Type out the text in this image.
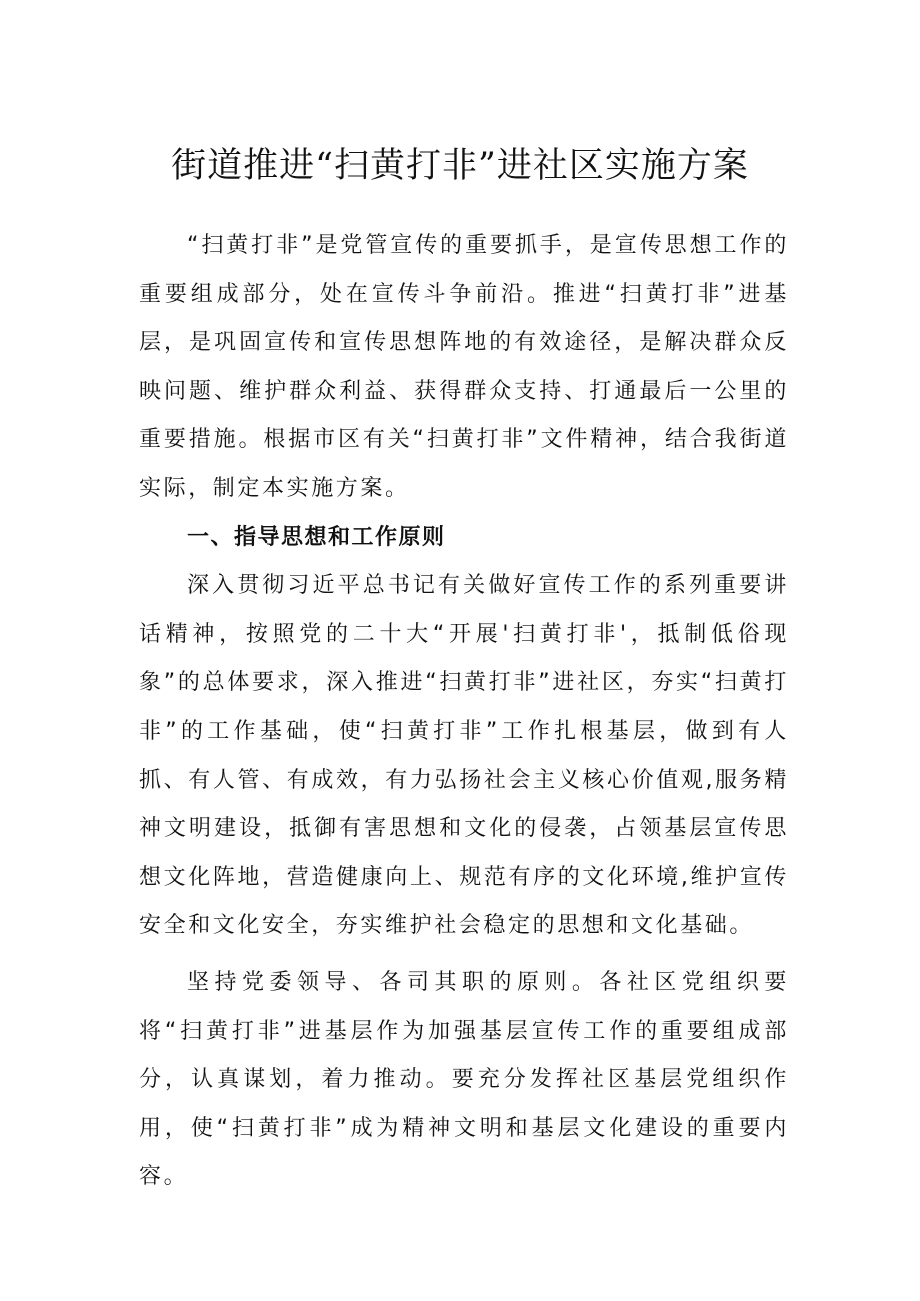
街道推进“扫黄打非”进社区实施方案

“扫黄打非”是党管宣传的重要抓手，是宣传思想工作的重要组成部分，处在宣传斗争前沿。推进“扫黄打非”进基层，是巩固宣传和宣传思想阵地的有效途径，是解决群众反映问题、维护群众利益、获得群众支持、打通最后一公里的重要措施。根据市区有关“扫黄打非”文件精神，结合我街道实际，制定本实施方案。

一、指导思想和工作原则

深入贯彻习近平总书记有关做好宣传工作的系列重要讲话精神，按照党的二十大“开展'扫黄打非'，抵制低俗现象”的总体要求，深入推进“扫黄打非”进社区，夯实“扫黄打非”的工作基础，使“扫黄打非”工作扎根基层，做到有人抓、有人管、有成效，有力弘扬社会主义核心价值观,服务精神文明建设，抵御有害思想和文化的侵袭，占领基层宣传思想文化阵地，营造健康向上、规范有序的文化环境,维护宣传安全和文化安全，夯实维护社会稳定的思想和文化基础。

坚持党委领导、各司其职的原则。各社区党组织要将“扫黄打非”进基层作为加强基层宣传工作的重要组成部分，认真谋划，着力推动。要充分发挥社区基层党组织作用，使“扫黄打非”成为精神文明和基层文化建设的重要内容。
